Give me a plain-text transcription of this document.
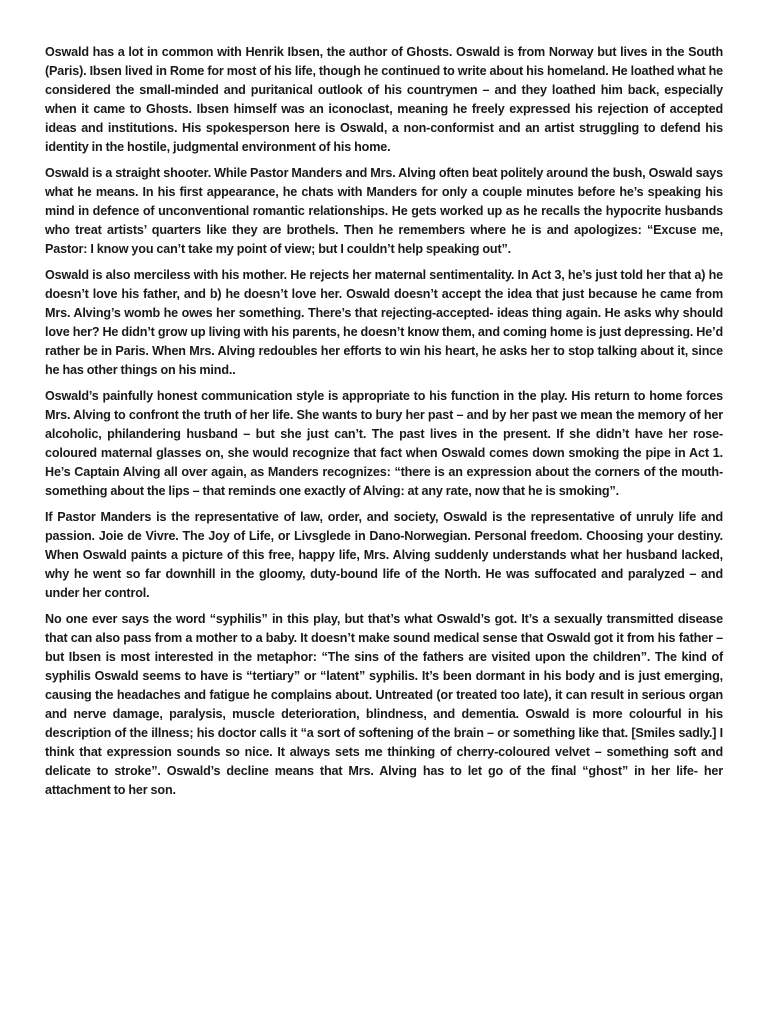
Oswald has a lot in common with Henrik Ibsen, the author of Ghosts. Oswald is from Norway but lives in the South (Paris). Ibsen lived in Rome for most of his life, though he continued to write about his homeland. He loathed what he considered the small-minded and puritanical outlook of his countrymen – and they loathed him back, especially when it came to Ghosts. Ibsen himself was an iconoclast, meaning he freely expressed his rejection of accepted ideas and institutions. His spokesperson here is Oswald, a non-conformist and an artist struggling to defend his identity in the hostile, judgmental environment of his home.

Oswald is a straight shooter. While Pastor Manders and Mrs. Alving often beat politely around the bush, Oswald says what he means. In his first appearance, he chats with Manders for only a couple minutes before he’s speaking his mind in defence of unconventional romantic relationships. He gets worked up as he recalls the hypocrite husbands who treat artists’ quarters like they are brothels. Then he remembers where he is and apologizes: “Excuse me, Pastor: I know you can’t take my point of view; but I couldn’t help speaking out”.

Oswald is also merciless with his mother. He rejects her maternal sentimentality. In Act 3, he’s just told her that a) he doesn’t love his father, and b) he doesn’t love her. Oswald doesn’t accept the idea that just because he came from Mrs. Alving’s womb he owes her something. There’s that rejecting-accepted- ideas thing again. He asks why should love her? He didn’t grow up living with his parents, he doesn’t know them, and coming home is just depressing. He’d rather be in Paris. When Mrs. Alving redoubles her efforts to win his heart, he asks her to stop talking about it, since he has other things on his mind..

Oswald’s painfully honest communication style is appropriate to his function in the play. His return to home forces Mrs. Alving to confront the truth of her life. She wants to bury her past – and by her past we mean the memory of her alcoholic, philandering husband – but she just can’t. The past lives in the present. If she didn’t have her rose-coloured maternal glasses on, she would recognize that fact when Oswald comes down smoking the pipe in Act 1. He’s Captain Alving all over again, as Manders recognizes: “there is an expression about the corners of the mouth-something about the lips – that reminds one exactly of Alving: at any rate, now that he is smoking”.

If Pastor Manders is the representative of law, order, and society, Oswald is the representative of unruly life and passion. Joie de Vivre. The Joy of Life, or Livsglede in Dano-Norwegian. Personal freedom. Choosing your destiny. When Oswald paints a picture of this free, happy life, Mrs. Alving suddenly understands what her husband lacked, why he went so far downhill in the gloomy, duty-bound life of the North. He was suffocated and paralyzed – and under her control.

No one ever says the word “syphilis” in this play, but that’s what Oswald’s got. It’s a sexually transmitted disease that can also pass from a mother to a baby. It doesn’t make sound medical sense that Oswald got it from his father – but Ibsen is most interested in the metaphor: “The sins of the fathers are visited upon the children”. The kind of syphilis Oswald seems to have is “tertiary” or “latent” syphilis. It’s been dormant in his body and is just emerging, causing the headaches and fatigue he complains about. Untreated (or treated too late), it can result in serious organ and nerve damage, paralysis, muscle deterioration, blindness, and dementia. Oswald is more colourful in his description of the illness; his doctor calls it “a sort of softening of the brain – or something like that. [Smiles sadly.] I think that expression sounds so nice. It always sets me thinking of cherry-coloured velvet – something soft and delicate to stroke”. Oswald’s decline means that Mrs. Alving has to let go of the final “ghost” in her life- her attachment to her son.
